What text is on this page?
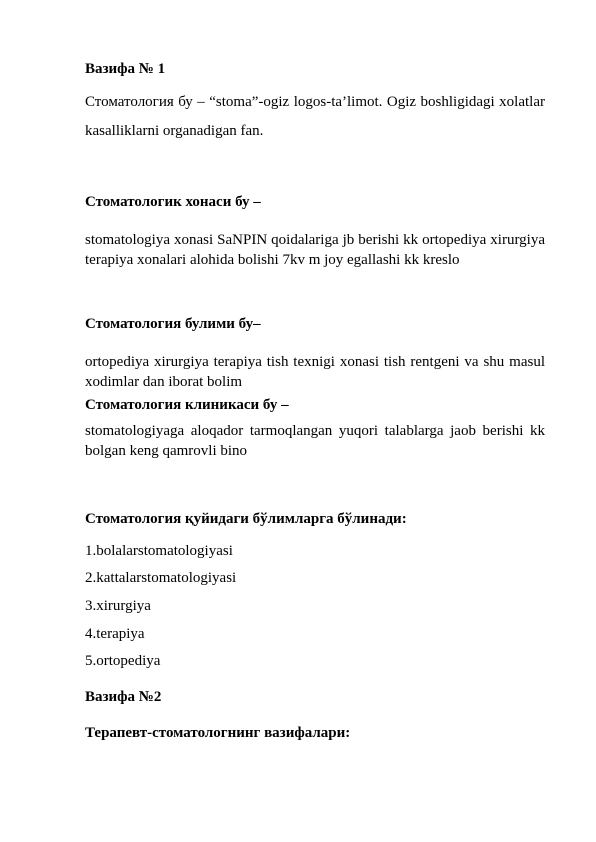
Вазифа № 1

Стоматология бу – “stoma”-ogiz logos-ta’limot. Ogiz boshligidagi xolatlar kasalliklarni organadigan fan.

Стоматологик хонаси бу –

stomatologiya xonasi SaNPIN qoidalariga jb berishi kk ortopediya xirurgiya terapiya xonalari alohida bolishi 7kv m joy egallashi kk kreslo

Стоматология булими бу–

ortopediya xirurgiya terapiya tish texnigi xonasi tish rentgeni va shu masul xodimlar dan iborat bolim

Стоматология клиникаси бу –

stomatologiyaga aloqador tarmoqlangan yuqori talablarga jaob berishi kk bolgan keng qamrovli bino

Стоматология қуйидаги бўлимларга бўлинади:

1.bolalarstomatologiyasi

2.kattalarstomatologiyasi

3.xirurgiya

4.terapiya

5.ortopediya

Вазифа №2

Терапевт-стоматологнинг вазифалари:
